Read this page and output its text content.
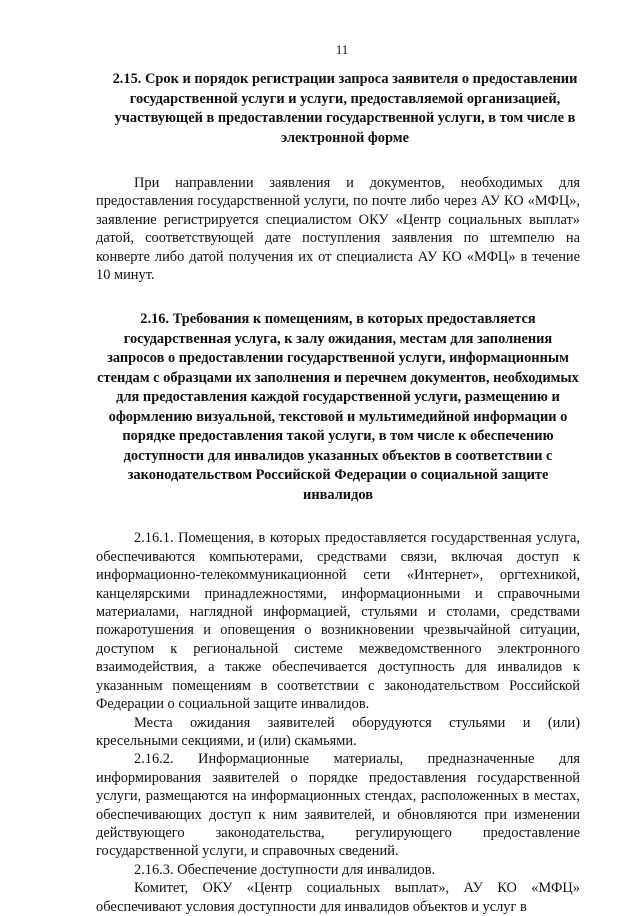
11

2.15. Срок и порядок регистрации запроса заявителя о предоставлении государственной услуги и услуги, предоставляемой организацией, участвующей в предоставлении государственной услуги, в том числе в электронной форме

При направлении заявления и документов, необходимых для предоставления государственной услуги, по почте либо через АУ КО «МФЦ», заявление регистрируется специалистом ОКУ «Центр социальных выплат» датой, соответствующей дате поступления заявления по штемпелю на конверте либо датой получения их от специалиста АУ КО «МФЦ» в течение 10 минут.

2.16. Требования к помещениям, в которых предоставляется государственная услуга, к залу ожидания, местам для заполнения запросов о предоставлении государственной услуги, информационным стендам с образцами их заполнения и перечнем документов, необходимых для предоставления каждой государственной услуги, размещению и оформлению визуальной, текстовой и мультимедийной информации о порядке предоставления такой услуги, в том числе к обеспечению доступности для инвалидов указанных объектов в соответствии с законодательством Российской Федерации о социальной защите инвалидов

2.16.1. Помещения, в которых предоставляется государственная услуга, обеспечиваются компьютерами, средствами связи, включая доступ к информационно-телекоммуникационной сети «Интернет», оргтехникой, канцелярскими принадлежностями, информационными и справочными материалами, наглядной информацией, стульями и столами, средствами пожаротушения и оповещения о возникновении чрезвычайной ситуации, доступом к региональной системе межведомственного электронного взаимодействия, а также обеспечивается доступность для инвалидов к указанным помещениям в соответствии с законодательством Российской Федерации о социальной защите инвалидов.

Места ожидания заявителей оборудуются стульями и (или) кресельными секциями, и (или) скамьями.

2.16.2. Информационные материалы, предназначенные для информирования заявителей о порядке предоставления государственной услуги, размещаются на информационных стендах, расположенных в местах, обеспечивающих доступ к ним заявителей, и обновляются при изменении действующего законодательства, регулирующего предоставление государственной услуги, и справочных сведений.

2.16.3. Обеспечение доступности для инвалидов.

Комитет, ОКУ «Центр социальных выплат», АУ КО «МФЦ» обеспечивают условия доступности для инвалидов объектов и услуг в
